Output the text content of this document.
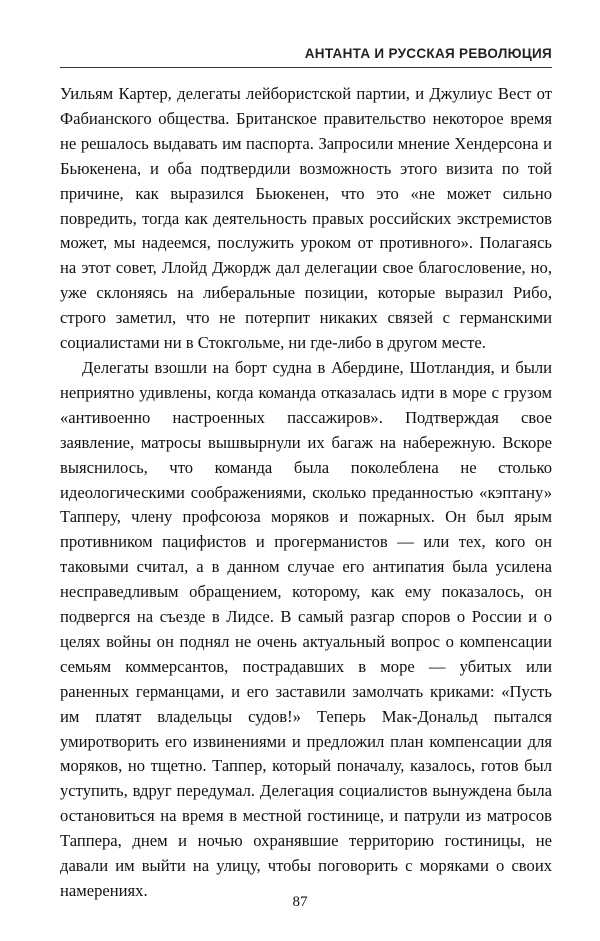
АНТАНТА И РУССКАЯ РЕВОЛЮЦИЯ

Уильям Картер, делегаты лейбористской партии, и Джулиус Вест от Фабианского общества. Британское правительство некоторое время не решалось выдавать им паспорта. Запросили мнение Хендерсона и Бьюкенена, и оба подтвердили возможность этого визита по той причине, как выразился Бьюкенен, что это «не может сильно повредить, тогда как деятельность правых российских экстремистов может, мы надеемся, послужить уроком от противного». Полагаясь на этот совет, Ллойд Джордж дал делегации свое благословение, но, уже склоняясь на либеральные позиции, которые выразил Рибо, строго заметил, что не потерпит никаких связей с германскими социалистами ни в Стокгольме, ни где-либо в другом месте.

Делегаты взошли на борт судна в Абердине, Шотландия, и были неприятно удивлены, когда команда отказалась идти в море с грузом «антивоенно настроенных пассажиров». Подтверждая свое заявление, матросы вышвырнули их багаж на набережную. Вскоре выяснилось, что команда была поколеблена не столько идеологическими соображениями, сколько преданностью «кэптану» Тапперу, члену профсоюза моряков и пожарных. Он был ярым противником пацифистов и прогерманистов — или тех, кого он таковыми считал, а в данном случае его антипатия была усилена несправедливым обращением, которому, как ему показалось, он подвергся на съезде в Лидсе. В самый разгар споров о России и о целях войны он поднял не очень актуальный вопрос о компенсации семьям коммерсантов, пострадавших в море — убитых или раненных германцами, и его заставили замолчать криками: «Пусть им платят владельцы судов!» Теперь Мак-Дональд пытался умиротворить его извинениями и предложил план компенсации для моряков, но тщетно. Таппер, который поначалу, казалось, готов был уступить, вдруг передумал. Делегация социалистов вынуждена была остановиться на время в местной гостинице, и патрули из матросов Таппера, днем и ночью охранявшие территорию гостиницы, не давали им выйти на улицу, чтобы поговорить с моряками о своих намерениях.

87
